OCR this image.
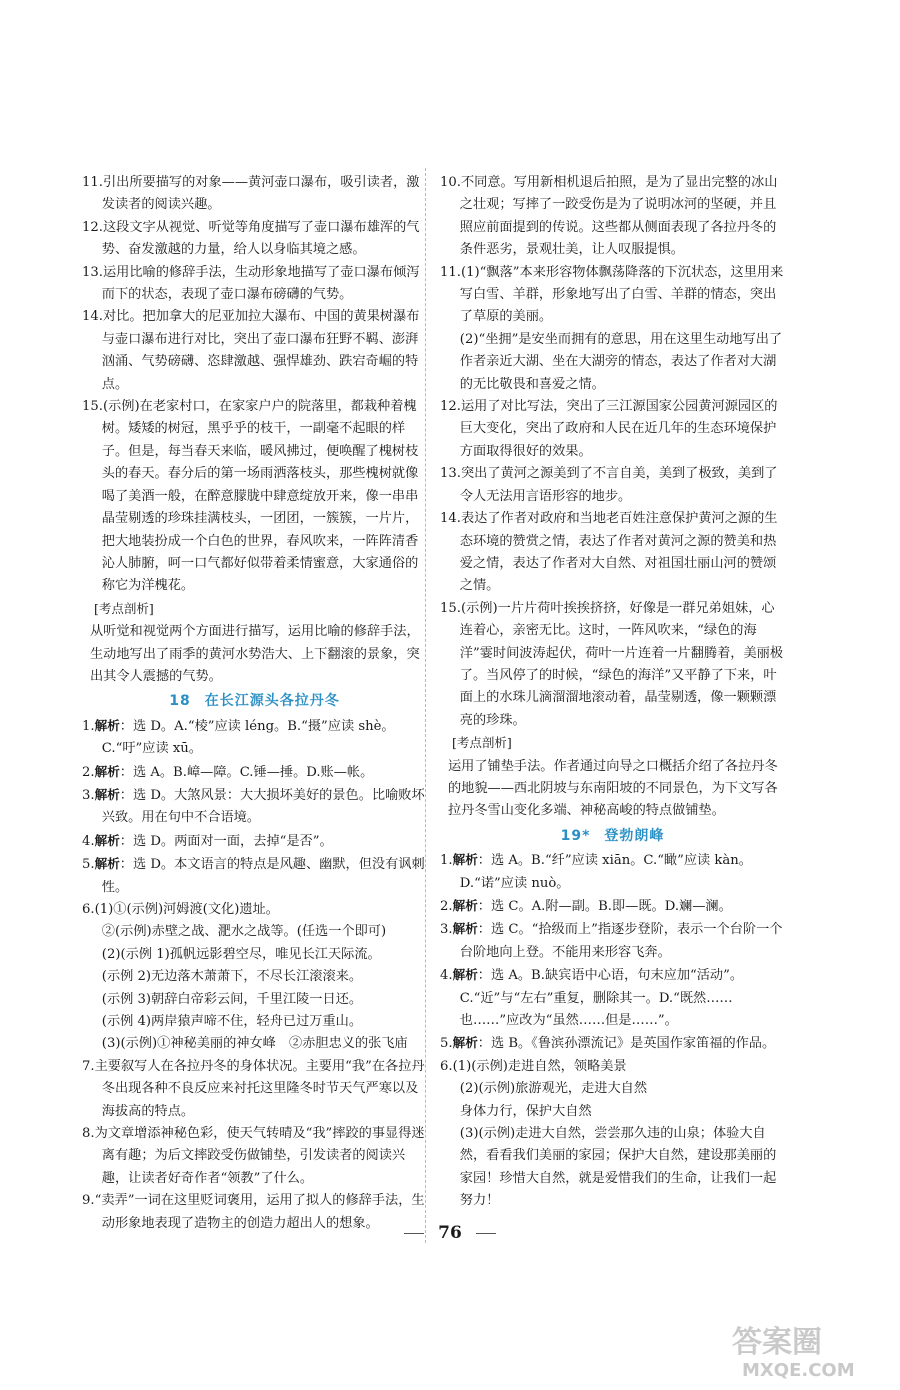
11.引出所要描写的对象——黄河壶口瀑布，吸引读者，激发读者的阅读兴趣。

12.这段文字从视觉、听觉等角度描写了壶口瀑布雄浑的气势、奋发激越的力量，给人以身临其境之感。

13.运用比喻的修辞手法，生动形象地描写了壶口瀑布倾泻而下的状态，表现了壶口瀑布磅礴的气势。

14.对比。把加拿大的尼亚加拉大瀑布、中国的黄果树瀑布与壶口瀑布进行对比，突出了壶口瀑布狂野不羁、澎湃汹涌、气势磅礴、恣肆激越、强悍雄劲、跌宕奇崛的特点。

15.(示例)在老家村口，在家家户户的院落里，都栽种着槐树。矮矮的树冠，黑乎乎的枝干，一副毫不起眼的样子。但是，每当春天来临，暖风拂过，便唤醒了槐树枝头的春天。春分后的第一场雨洒落枝头，那些槐树就像喝了美酒一般，在醉意朦胧中肆意绽放开来，像一串串晶莹剔透的珍珠挂满枝头，一团团，一簇簇，一片片，把大地装扮成一个白色的世界，春风吹来，一阵阵清香沁人肺腑，呵一口气都好似带着柔情蜜意，大家通俗的称它为洋槐花。

[ 考点剖析 ]

从听觉和视觉两个方面进行描写，运用比喻的修辞手法，生动地写出了雨季的黄河水势浩大、上下翻滚的景象，突出其令人震撼的气势。

18 在长江源头各拉丹冬

1.解析：选 D。A.“棱”应读 léng。B.“摄”应读 shè。C.“吁”应读 xū。

2.解析：选 A。B.嶂—障。C.锤—捶。D.账—帐。

3.解析：选 D。大煞风景：大大损坏美好的景色。比喻败坏兴致。用在句中不合语境。

4.解析：选 D。两面对一面，去掉“是否”。

5.解析：选 D。本文语言的特点是风趣、幽默，但没有讽刺性。

6.(1)①(示例)河姆渡(文化)遗址。

②(示例)赤壁之战、淝水之战等。(任选一个即可)

(2)(示例 1)孤帆远影碧空尽，唯见长江天际流。

(示例 2)无边落木萧萧下，不尽长江滚滚来。

(示例 3)朝辞白帝彩云间，千里江陵一日还。

(示例 4)两岸猿声啼不住，轻舟已过万重山。

(3)(示例)①神秘美丽的神女峰　②赤胆忠义的张飞庙

7.主要叙写人在各拉丹冬的身体状况。主要用“我”在各拉丹冬出现各种不良反应来衬托这里隆冬时节天气严寒以及海拔高的特点。

8.为文章增添神秘色彩，使天气转晴及“我”摔跤的事显得迷离有趣；为后文摔跤受伤做铺垫，引发读者的阅读兴趣，让读者好奇作者“领教”了什么。

9.“卖弄”一词在这里贬词褒用，运用了拟人的修辞手法，生动形象地表现了造物主的创造力超出人的想象。

10.不同意。写用新相机退后拍照，是为了显出完整的冰山之壮观；写摔了一跤受伤是为了说明冰河的坚硬，并且照应前面提到的传说。这些都从侧面表现了各拉丹冬的条件恶劣，景观壮美，让人叹服提惧。

11.(1)“飘落”本来形容物体飘荡降落的下沉状态，这里用来写白雪、羊群，形象地写出了白雪、羊群的情态，突出了草原的美丽。

(2)“坐拥”是安坐而拥有的意思，用在这里生动地写出了作者亲近大湖、坐在大湖旁的情态，表达了作者对大湖的无比敬畏和喜爱之情。

12.运用了对比写法，突出了三江源国家公园黄河源园区的巨大变化，突出了政府和人民在近几年的生态环境保护方面取得很好的效果。

13.突出了黄河之源美到了不言自美，美到了极致，美到了令人无法用言语形容的地步。

14.表达了作者对政府和当地老百姓注意保护黄河之源的生态环境的赞赏之情，表达了作者对黄河之源的赞美和热爱之情，表达了作者对大自然、对祖国壮丽山河的赞颂之情。

15.(示例)一片片荷叶挨挨挤挤，好像是一群兄弟姐妹，心连着心，亲密无比。这时，一阵风吹来，“绿色的海洋”霎时间波涛起伏，荷叶一片连着一片翻腾着，美丽极了。当风停了的时候，“绿色的海洋”又平静了下来，叶面上的水珠儿滴溜溜地滚动着，晶莹剔透，像一颗颗漂亮的珍珠。

[ 考点剖析 ]

运用了铺垫手法。作者通过向导之口概括介绍了各拉丹冬的地貌——西北阴坡与东南阳坡的不同景色，为下文写各拉丹冬雪山变化多端、神秘高峻的特点做铺垫。

19* 登勃朗峰

1.解析：选 A。B.“纤”应读 xiān。C.“瞰”应读 kàn。D.“诺”应读 nuò。

2.解析：选 C。A.附—副。B.即—既。D.斓—澜。

3.解析：选 C。“拾级而上”指逐步登阶，表示一个台阶一个台阶地向上登。不能用来形容飞奔。

4.解析：选 A。B.缺宾语中心语，句末应加“活动”。C.“近”与“左右”重复，删除其一。D.“既然……也……”应改为“虽然……但是……”。

5.解析：选 B。《鲁滨孙漂流记》是英国作家笛福的作品。

6.(1)(示例)走进自然，领略美景

(2)(示例)旅游观光，走进大自然

身体力行，保护大自然

(3)(示例)走进大自然，尝尝那久违的山泉；体验大自然，看看我们美丽的家园；保护大自然，建设那美丽的家园！珍惜大自然，就是爱惜我们的生命，让我们一起努力！

76
答案圈
MXQE.COM
